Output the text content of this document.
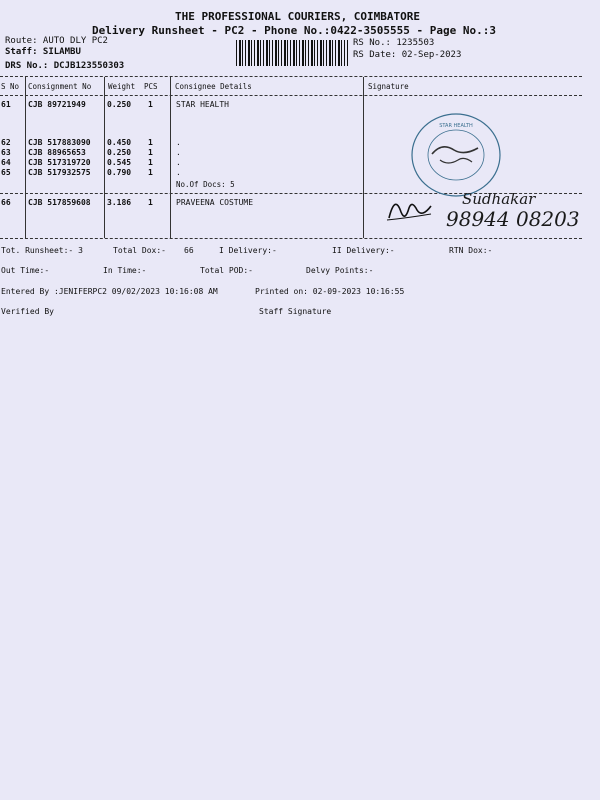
THE PROFESSIONAL COURIERS, COIMBATORE
Delivery Runsheet - PC2 - Phone No.:0422-3505555 - Page No.:3
Route: AUTO DLY PC2
Staff: SILAMBU
DRS No.: DCJB123550303
RS No.: 1235503
RS Date: 02-Sep-2023
S No Consignment No Weight PCS Consignee Details	Signature
61 CJB 89721949	0.250 1	STAR HEALTH
62 CJB 517883090 0.450 1	.
63 CJB 88965653	0.250 1	.
64 CJB 517319720 0.545 1	.
65 CJB 517932575 0.790 1	.
No.Of Docs: 5
66 CJB 517859608 3.186 1	PRAVEENA COSTUME
STAR HEALTH
Sudhakar
98944 08203
Tot. Runsheet:- 3	Total Dox:- 66	I Delivery:-	II Delivery:-	RTN Dox:-
Out Time:-	In Time:-	Total POD:-	Delvy Points:-
Entered By :JENIFERPC2 09/02/2023 10:16:08 AM	Printed on: 02-09-2023 10:16:55
Verified By	Staff Signature
